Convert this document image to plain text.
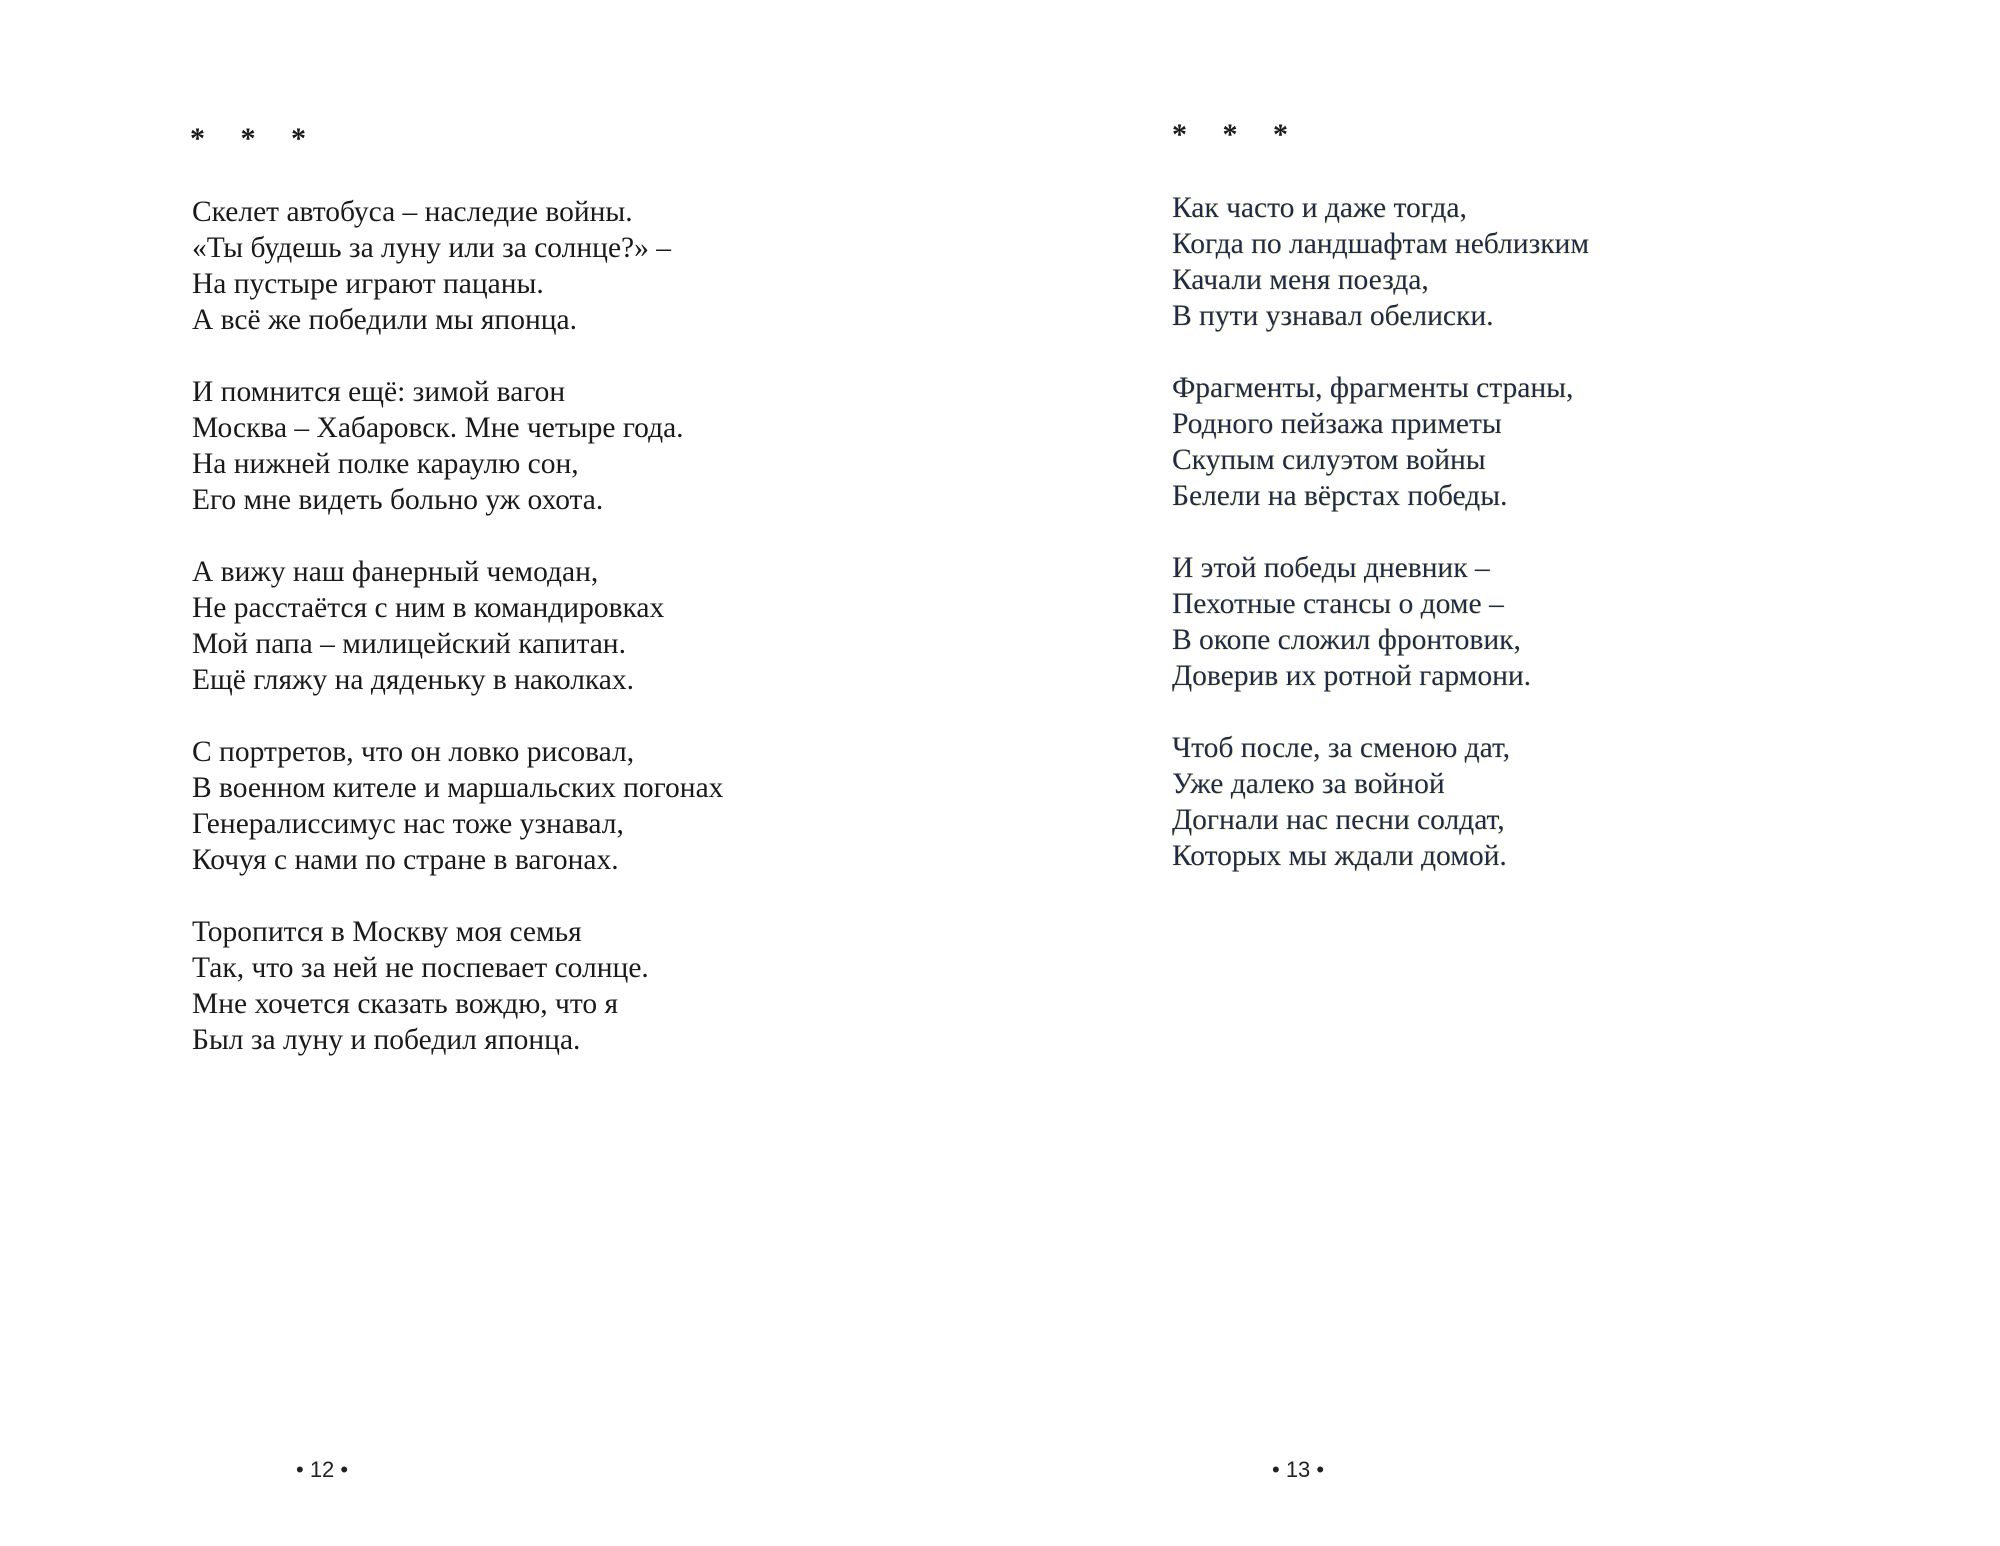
* * *
Скелет автобуса – наследие войны.
«Ты будешь за луну или за солнце?» –
На пустыре играют пацаны.
А всё же победили мы японца.
И помнится ещё: зимой вагон
Москва – Хабаровск. Мне четыре года.
На нижней полке караулю сон,
Его мне видеть больно уж охота.
А вижу наш фанерный чемодан,
Не расстаётся с ним в командировках
Мой папа – милицейский капитан.
Ещё гляжу на дяденьку в наколках.
С портретов, что он ловко рисовал,
В военном кителе и маршальских погонах
Генералиссимус нас тоже узнавал,
Кочуя с нами по стране в вагонах.
Торопится в Москву моя семья
Так, что за ней не поспевает солнце.
Мне хочется сказать вождю, что я
Был за луну и победил японца.
• 12 •
* * *
Как часто и даже тогда,
Когда по ландшафтам неблизким
Качали меня поезда,
В пути узнавал обелиски.
Фрагменты, фрагменты страны,
Родного пейзажа приметы
Скупым силуэтом войны
Белели на вёрстах победы.
И этой победы дневник –
Пехотные стансы о доме –
В окопе сложил фронтовик,
Доверив их ротной гармони.
Чтоб после, за сменою дат,
Уже далеко за войной
Догнали нас песни солдат,
Которых мы ждали домой.
• 13 •
